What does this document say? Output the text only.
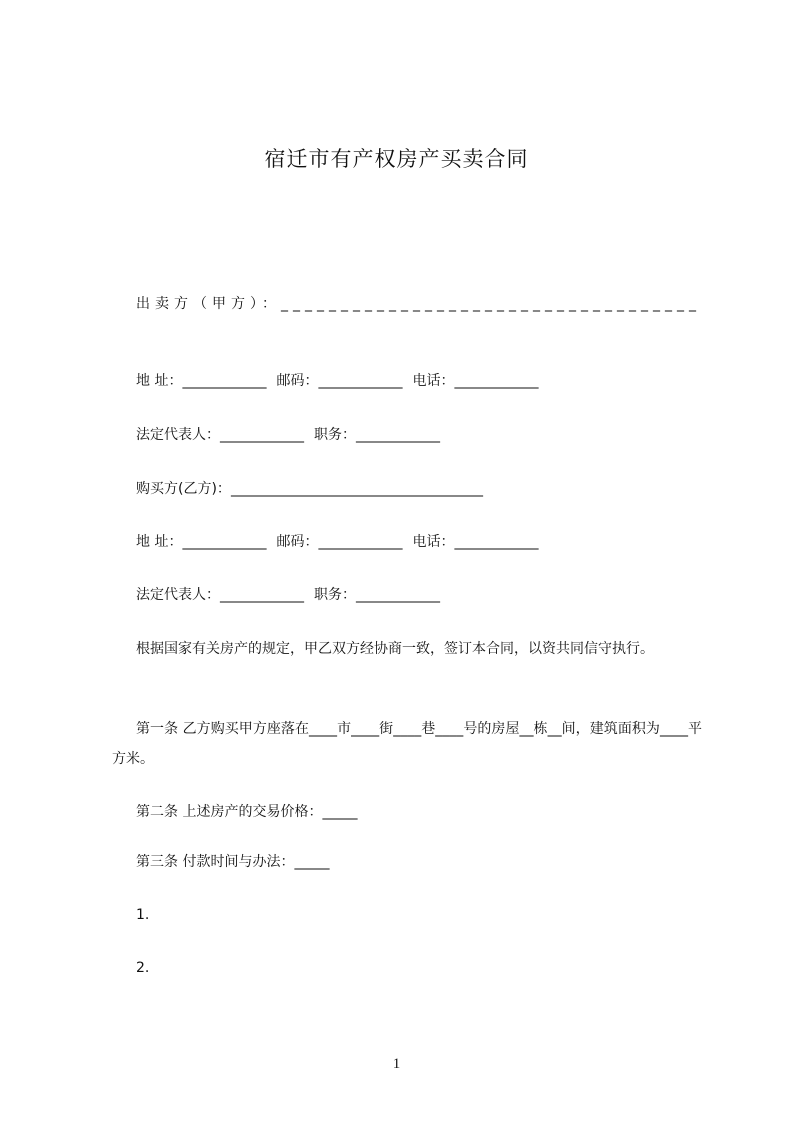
宿迁市有产权房产买卖合同
出卖方（甲方）：___________________________________
地 址：____________ 邮码：____________ 电话：____________
法定代表人：____________ 职务：____________
购买方(乙方)：____________________________________
地 址：____________ 邮码：____________ 电话：____________
法定代表人：____________ 职务：____________
根据国家有关房产的规定，甲乙双方经协商一致，签订本合同，以资共同信守执行。
第一条 乙方购买甲方座落在____市____街____巷____号的房屋__栋__间，建筑面积为____平方米。
第二条 上述房产的交易价格：_____
第三条 付款时间与办法：_____
1.
2.
1
